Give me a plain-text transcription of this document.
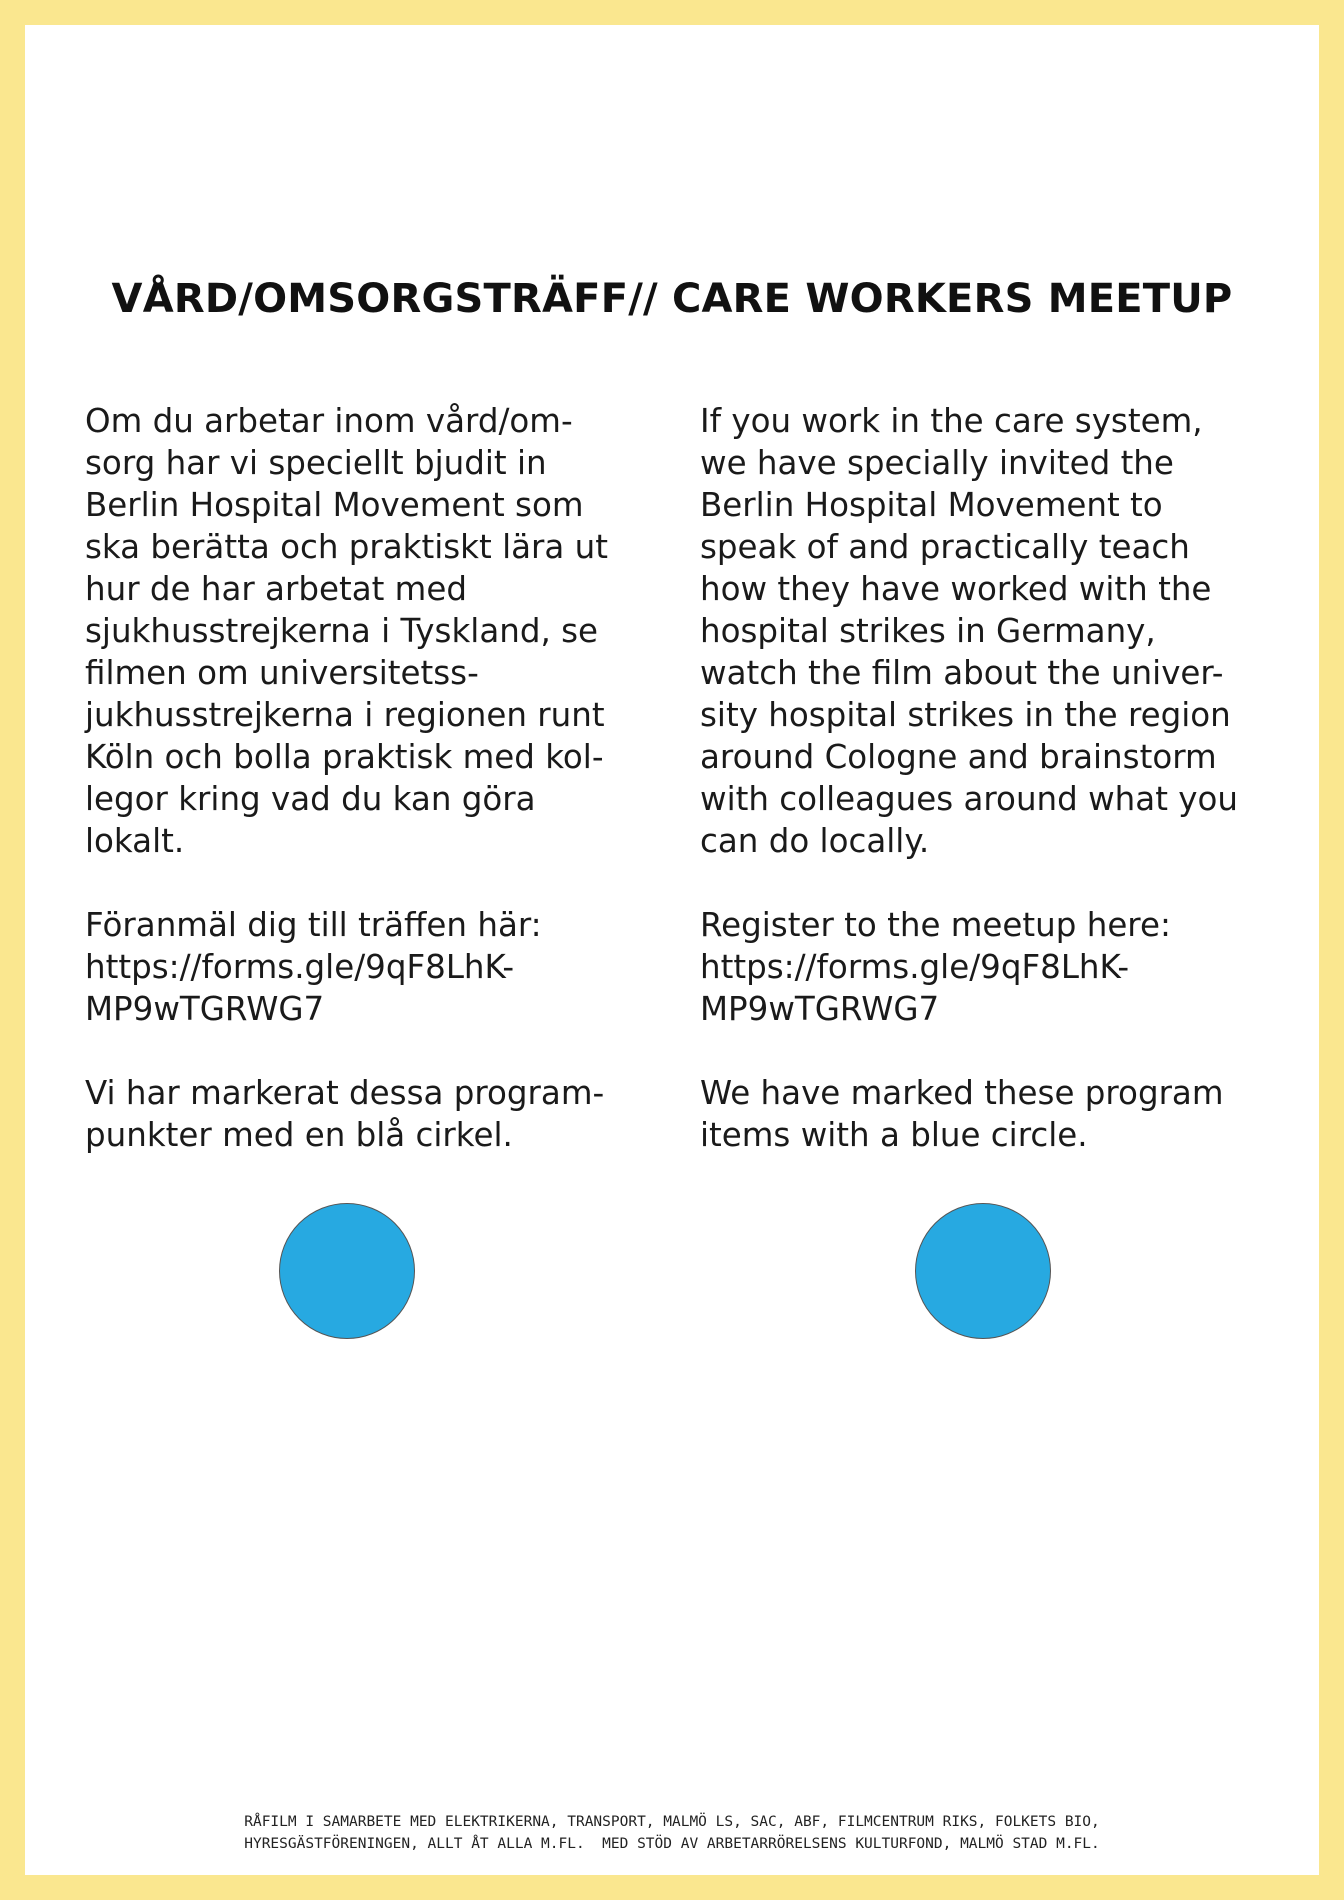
VÅRD/OMSORGSTRÄFF// CARE WORKERS MEETUP

Om du arbetar inom vård/om-
sorg har vi speciellt bjudit in
Berlin Hospital Movement som
ska berätta och praktiskt lära ut
hur de har arbetat med
sjukhusstrejkerna i Tyskland, se
filmen om universitetss-
jukhusstrejkerna i regionen runt
Köln och bolla praktisk med kol-
legor kring vad du kan göra
lokalt.

Föranmäl dig till träffen här:
https://forms.gle/9qF8LhK-
MP9wTGRWG7

Vi har markerat dessa program-
punkter med en blå cirkel.

If you work in the care system,
we have specially invited the
Berlin Hospital Movement to
speak of and practically teach
how they have worked with the
hospital strikes in Germany,
watch the film about the univer-
sity hospital strikes in the region
around Cologne and brainstorm
with colleagues around what you
can do locally.

Register to the meetup here:
https://forms.gle/9qF8LhK-
MP9wTGRWG7

We have marked these program
items with a blue circle.

RÅFILM I SAMARBETE MED ELEKTRIKERNA, TRANSPORT, MALMÖ LS, SAC, ABF, FILMCENTRUM RIKS, FOLKETS BIO,
HYRESGÄSTFÖRENINGEN, ALLT ÅT ALLA M.FL.  MED STÖD AV ARBETARRÖRELSENS KULTURFOND, MALMÖ STAD M.FL.
